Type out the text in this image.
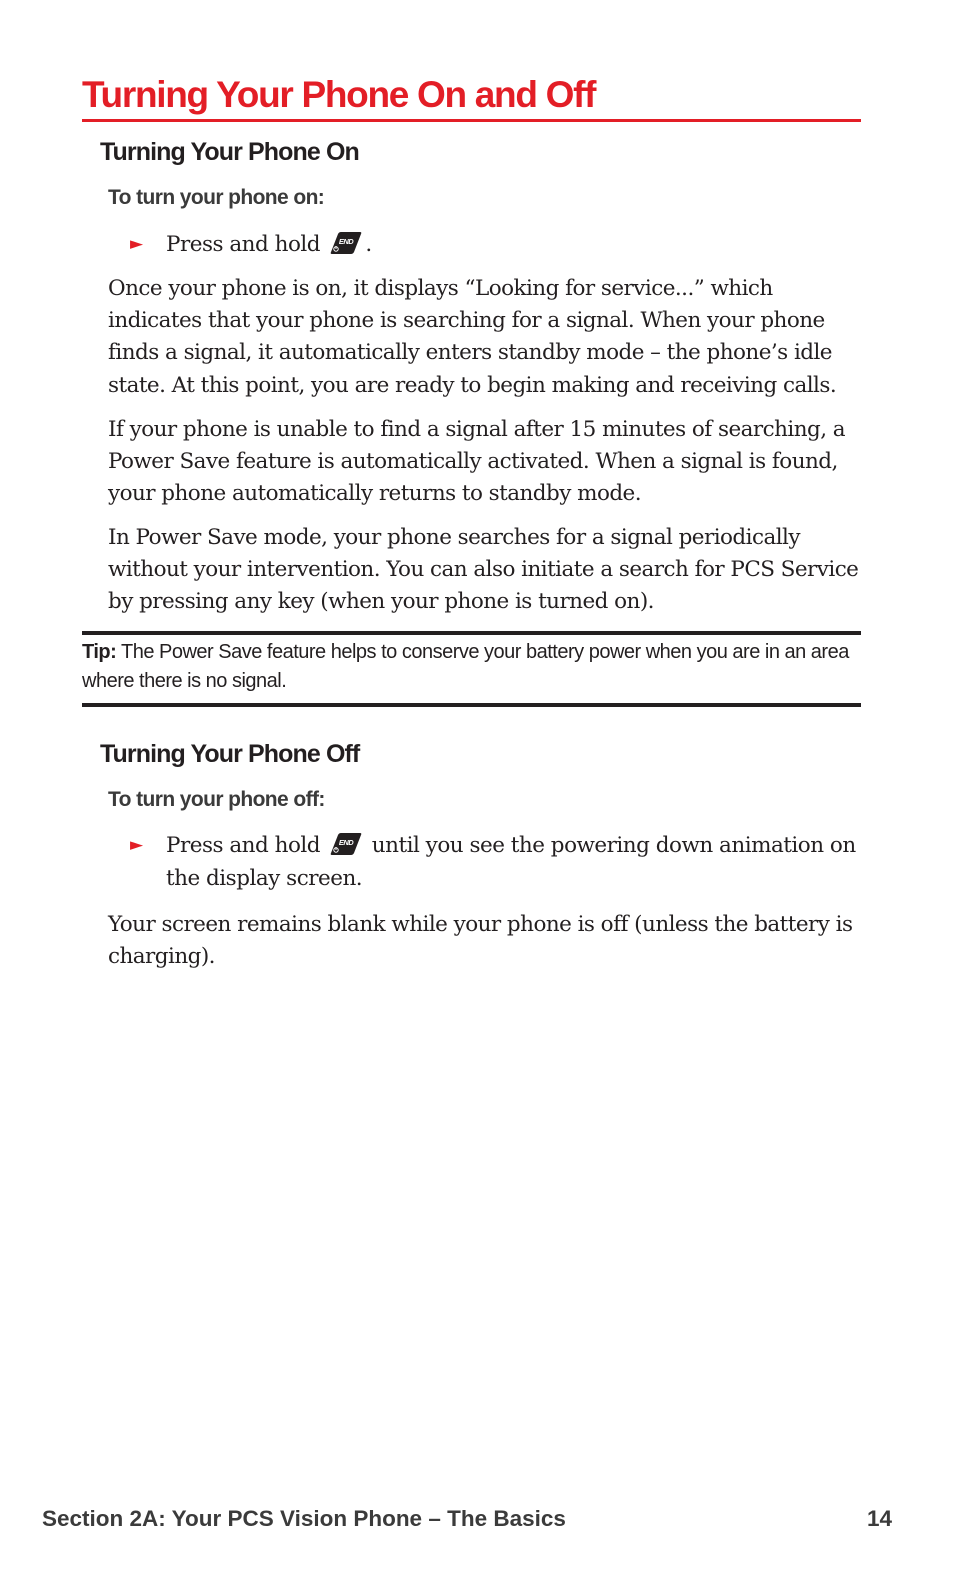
Turning Your Phone On and Off
Turning Your Phone On
To turn your phone on:
► Press and hold	END .

Once your phone is on, it displays “Looking for service...” which indicates that your phone is searching for a signal. When your phone finds a signal, it automatically enters standby mode – the phone’s idle state. At this point, you are ready to begin making and receiving calls.

If your phone is unable to find a signal after 15 minutes of searching, a Power Save feature is automatically activated. When a signal is found, your phone automatically returns to standby mode.

In Power Save mode, your phone searches for a signal periodically without your intervention. You can also initiate a search for PCS Service by pressing any key (when your phone is turned on).

Tip: The Power Save feature helps to conserve your battery power when you are in an area where there is no signal.

Turning Your Phone Off
To turn your phone off:
► Press and hold	END until you see the powering down animation on the display screen.

Your screen remains blank while your phone is off (unless the battery is charging).

Section 2A: Your PCS Vision Phone – The Basics	14
